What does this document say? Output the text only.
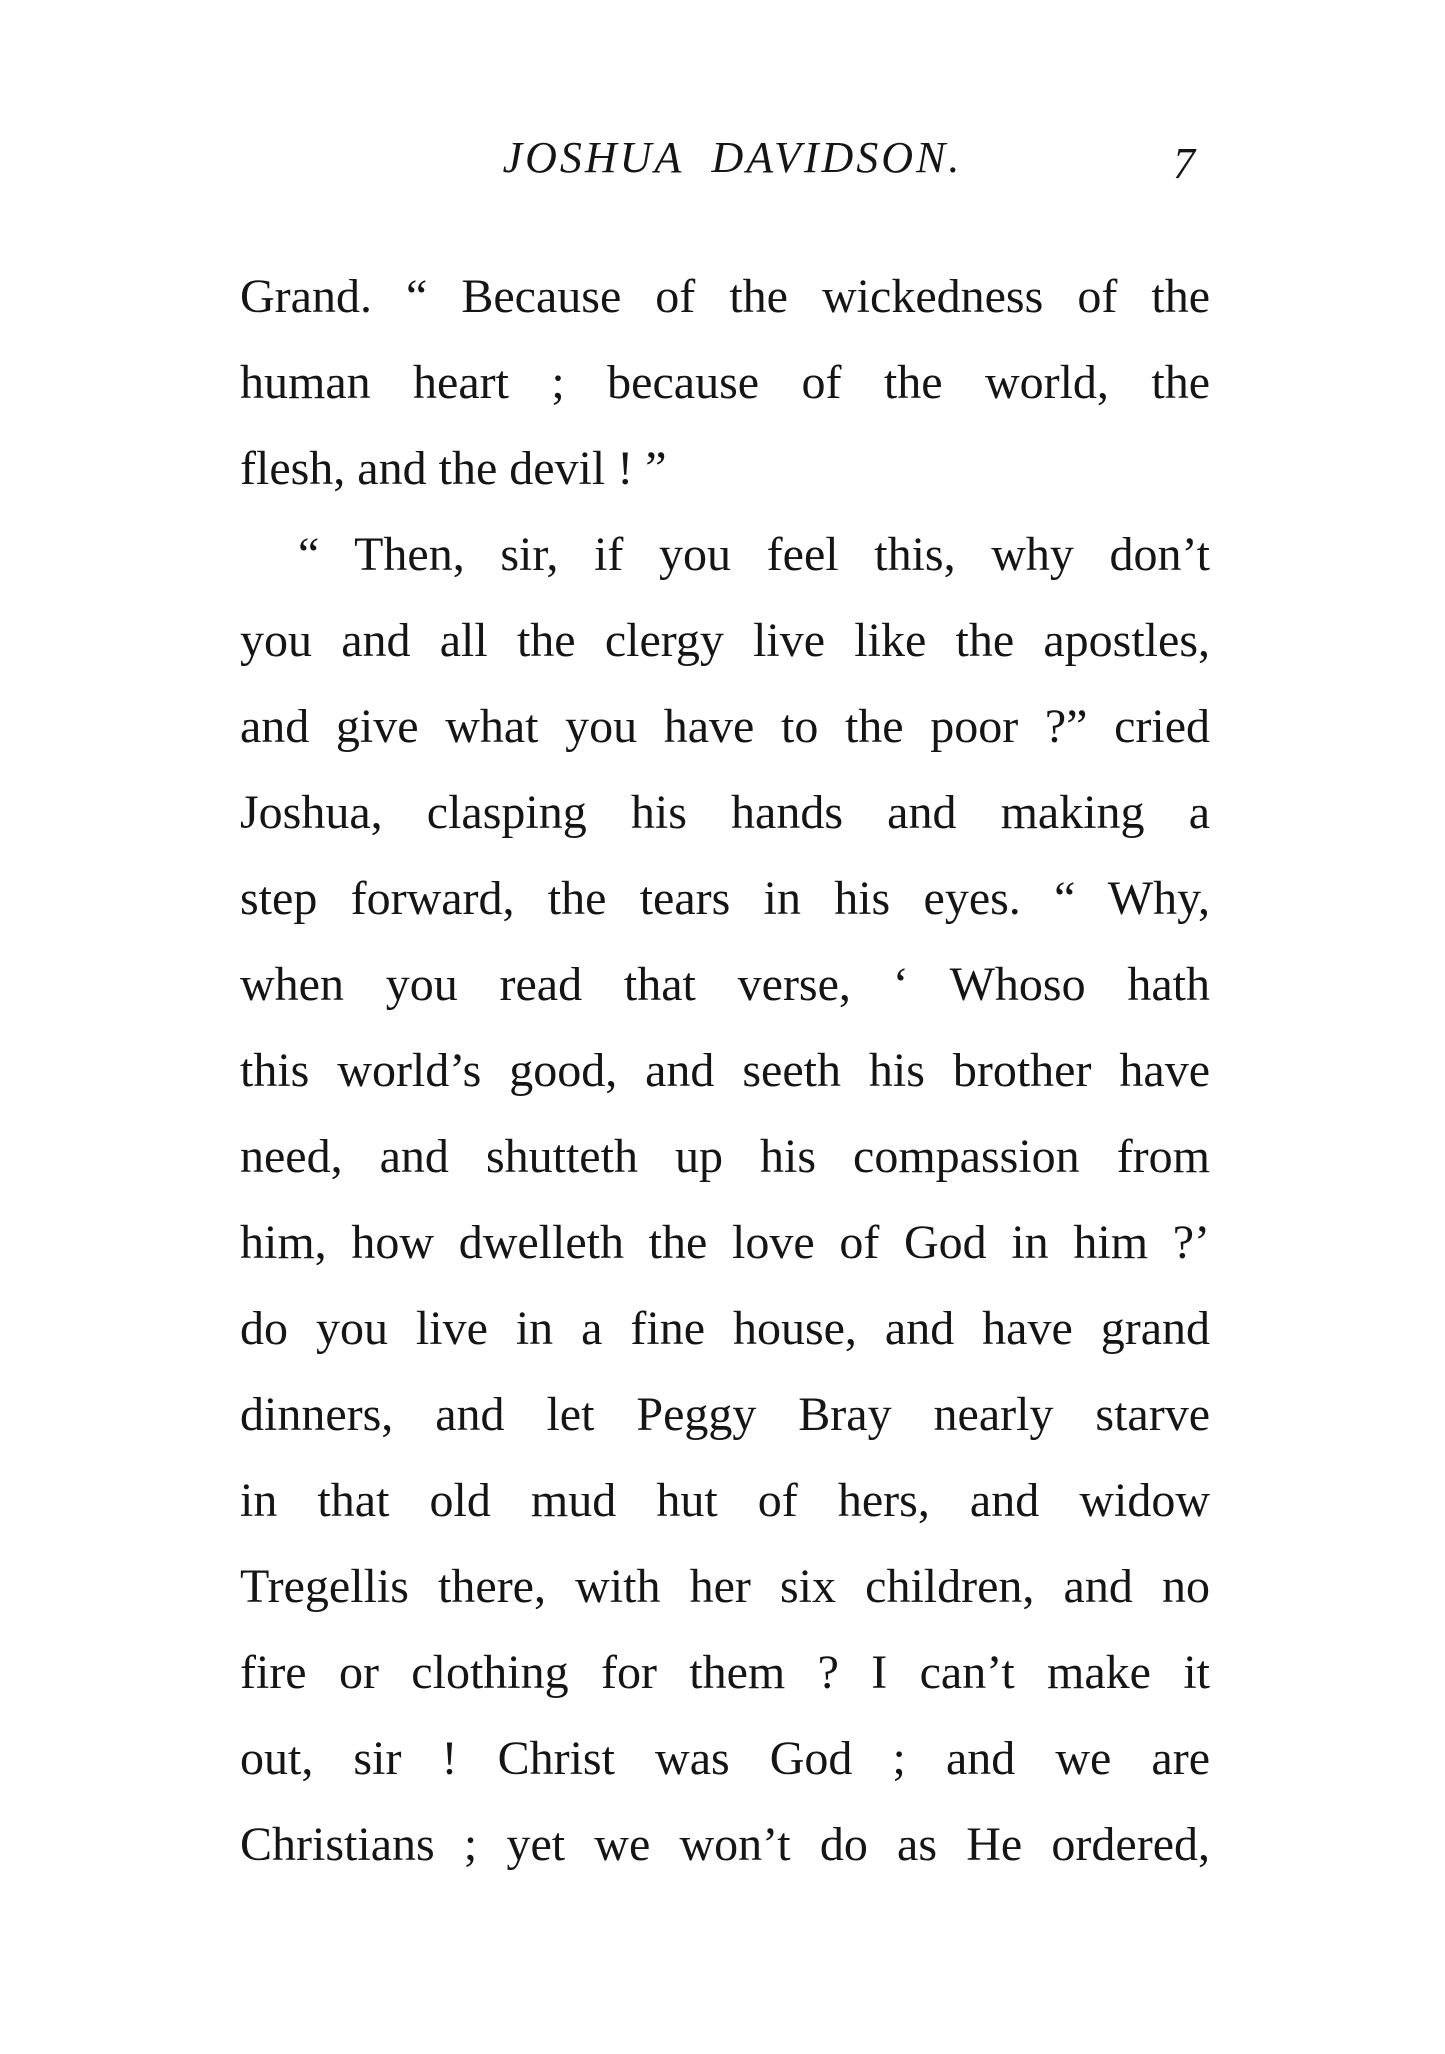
JOSHUA  DAVIDSON.	7
Grand. “ Because of the wickedness of the
human heart ; because of the world, the
flesh, and the devil ! ”
“ Then, sir, if you feel this, why don’t
you and all the clergy live like the apostles,
and give what you have to the poor ?” cried
Joshua, clasping his hands and making a
step forward, the tears in his eyes. “ Why,
when you read that verse, ‘ Whoso hath
this world’s good, and seeth his brother have
need, and shutteth up his compassion from
him, how dwelleth the love of God in him ?’
do you live in a fine house, and have grand
dinners, and let Peggy Bray nearly starve
in that old mud hut of hers, and widow
Tregellis there, with her six children, and no
fire or clothing for them ? I can’t make it
out, sir ! Christ was God ; and we are
Christians ; yet we won’t do as He ordered,
